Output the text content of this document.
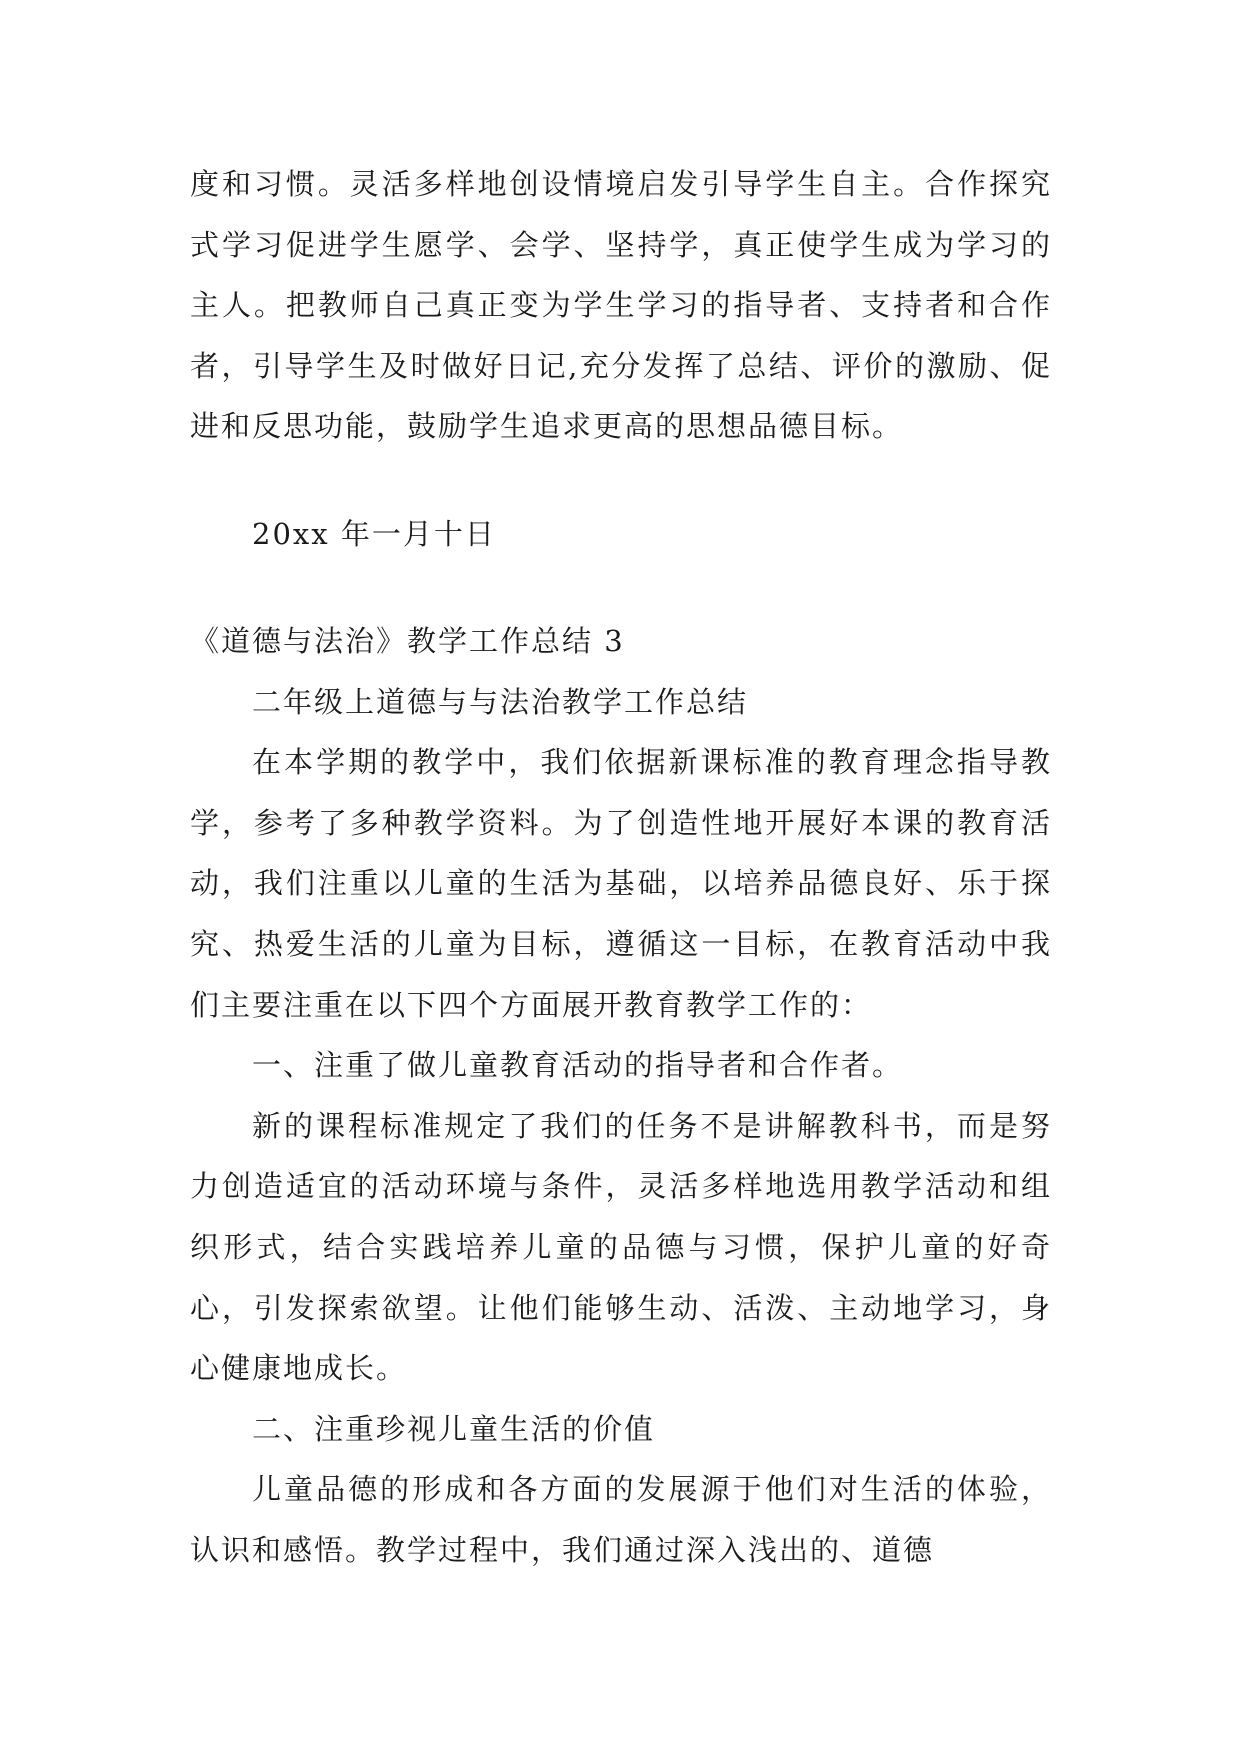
度和习惯。灵活多样地创设情境启发引导学生自主。合作探究式学习促进学生愿学、会学、坚持学，真正使学生成为学习的主人。把教师自己真正变为学生学习的指导者、支持者和合作者，引导学生及时做好日记,充分发挥了总结、评价的激励、促进和反思功能，鼓励学生追求更高的思想品德目标。

20xx 年一月十日

《道德与法治》教学工作总结 3

二年级上道德与与法治教学工作总结

在本学期的教学中，我们依据新课标准的教育理念指导教学，参考了多种教学资料。为了创造性地开展好本课的教育活动，我们注重以儿童的生活为基础，以培养品德良好、乐于探究、热爱生活的儿童为目标，遵循这一目标，在教育活动中我们主要注重在以下四个方面展开教育教学工作的：

一、注重了做儿童教育活动的指导者和合作者。

新的课程标准规定了我们的任务不是讲解教科书，而是努力创造适宜的活动环境与条件，灵活多样地选用教学活动和组织形式，结合实践培养儿童的品德与习惯，保护儿童的好奇心，引发探索欲望。让他们能够生动、活泼、主动地学习，身心健康地成长。

二、注重珍视儿童生活的价值

儿童品德的形成和各方面的发展源于他们对生活的体验，认识和感悟。教学过程中，我们通过深入浅出的、道德
